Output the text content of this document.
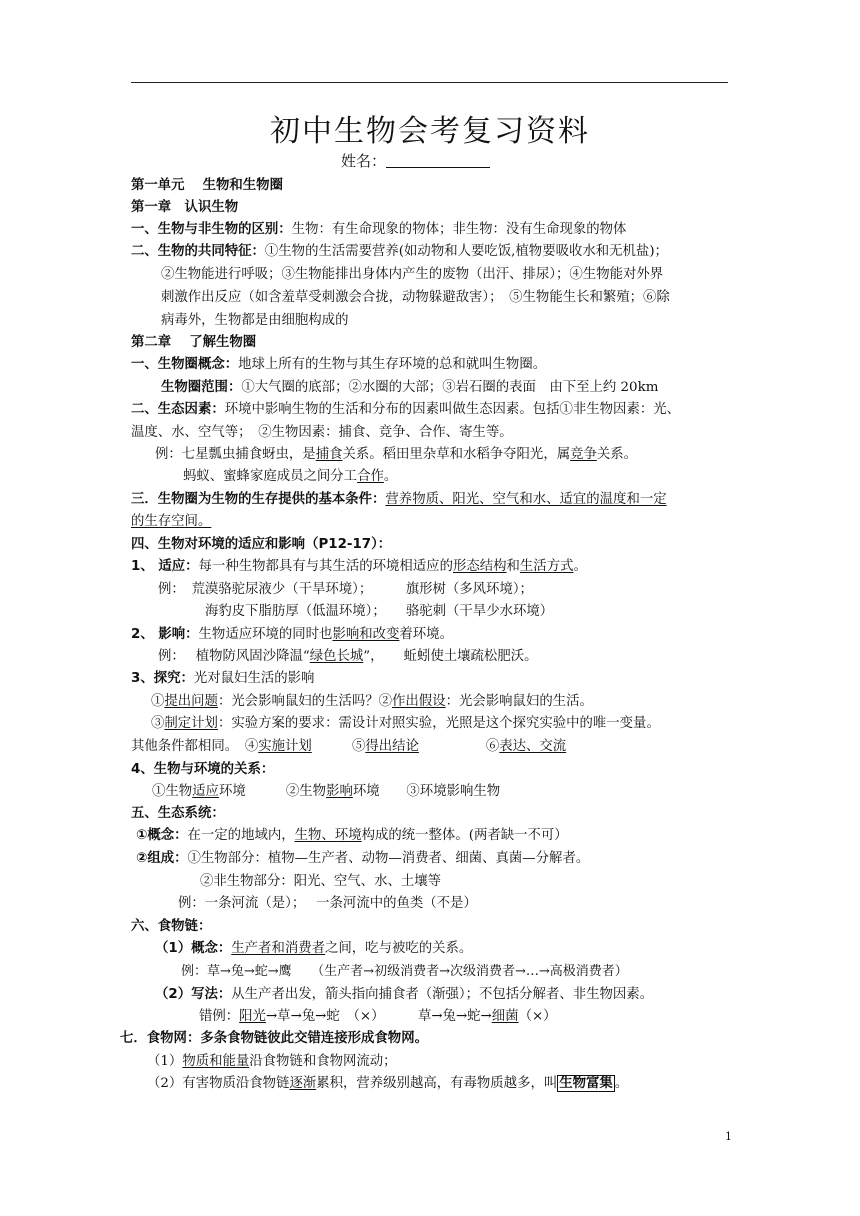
初中生物会考复习资料
姓名：
第一单元　 生物和生物圈
第一章　认识生物
一、生物与非生物的区别：生物：有生命现象的物体；非生物：没有生命现象的物体
二、生物的共同特征：①生物的生活需要营养(如动物和人要吃饭,植物要吸收水和无机盐)；
②生物能进行呼吸；③生物能排出身体内产生的废物（出汗、排尿）；④生物能对外界
刺激作出反应（如含羞草受刺激会合拢，动物躲避敌害）；　⑤生物能生长和繁殖；⑥除
病毒外，生物都是由细胞构成的
第二章　 了解生物圈
一、生物圈概念：地球上所有的生物与其生存环境的总和就叫生物圈。
生物圈范围：①大气圈的底部；②水圈的大部；③岩石圈的表面　由下至上约 20km
二、生态因素：环境中影响生物的生活和分布的因素叫做生态因素。包括①非生物因素：光、
温度、水、空气等；　②生物因素：捕食、竞争、合作、寄生等。
例：七星瓢虫捕食蚜虫，是捕食关系。稻田里杂草和水稻争夺阳光，属竞争关系。
蚂蚁、蜜蜂家庭成员之间分工合作。
三．生物圈为生物的生存提供的基本条件：营养物质、阳光、空气和水、适宜的温度和一定
的生存空间。
四、生物对环境的适应和影响（P12-17）：
1、 适应：每一种生物都具有与其生活的环境相适应的形态结构和生活方式。
例：　荒漠骆驼尿液少（干旱环境）；　　　旗形树（多风环境）；
海豹皮下脂肪厚（低温环境）；　　骆驼刺（干旱少水环境）
2、 影响：生物适应环境的同时也影响和改变着环境。
例：　 植物防风固沙降温“绿色长城”，　　蚯蚓使土壤疏松肥沃。
3、探究：光对鼠妇生活的影响
①提出问题：光会影响鼠妇的生活吗？②作出假设：光会影响鼠妇的生活。
③制定计划：实验方案的要求：需设计对照实验，光照是这个探究实验中的唯一变量。
其他条件都相同。　④实施计划　　　⑤得出结论　　　　　⑥表达、交流
4、生物与环境的关系：
①生物适应环境　　　②生物影响环境　　③环境影响生物
五、生态系统：
①概念：在一定的地域内，生物、环境构成的统一整体。(两者缺一不可）
②组成：①生物部分：植物—生产者、动物—消费者、细菌、真菌—分解者。
②非生物部分：阳光、空气、水、土壤等
例：一条河流（是）；　 一条河流中的鱼类（不是）
六、食物链：
（1）概念：生产者和消费者之间，吃与被吃的关系。
例：草→兔→蛇→鹰　　（生产者→初级消费者→次级消费者→…→高极消费者）
（2）写法：从生产者出发，箭头指向捕食者（渐强）；不包括分解者、非生物因素。
错例：阳光→草→兔→蛇　（×）　　　草→兔→蛇→细菌（×）
七．食物网：多条食物链彼此交错连接形成食物网。
（1）物质和能量沿食物链和食物网流动；
（2）有害物质沿食物链逐渐累积，营养级别越高，有毒物质越多，叫 生物富集 。
1
